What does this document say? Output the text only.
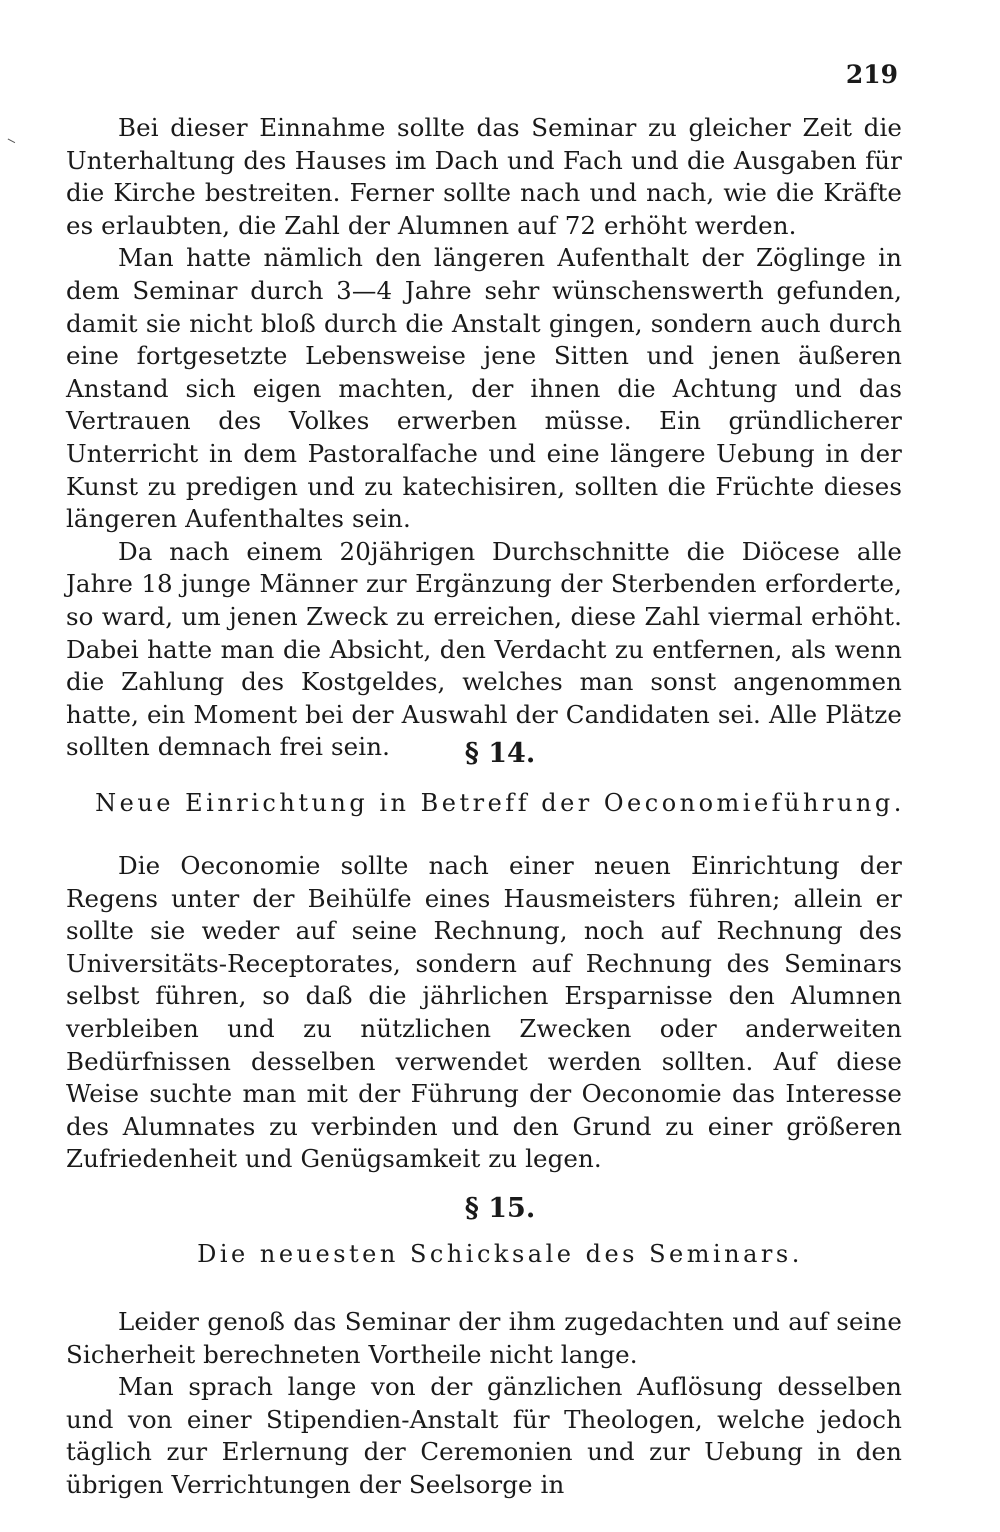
219

Bei dieser Einnahme sollte das Seminar zu gleicher Zeit die Unterhaltung des Hauses im Dach und Fach und die Ausgaben für die Kirche bestreiten. Ferner sollte nach und nach, wie die Kräfte es erlaubten, die Zahl der Alumnen auf 72 erhöht werden.

Man hatte nämlich den längeren Aufenthalt der Zöglinge in dem Seminar durch 3—4 Jahre sehr wünschenswerth gefunden, damit sie nicht bloß durch die Anstalt gingen, sondern auch durch eine fortgesetzte Lebensweise jene Sitten und jenen äußeren Anstand sich eigen machten, der ihnen die Achtung und das Vertrauen des Volkes erwerben müsse. Ein gründlicherer Unterricht in dem Pastoralfache und eine längere Uebung in der Kunst zu predigen und zu katechisiren, sollten die Früchte dieses längeren Aufenthaltes sein.

Da nach einem 20jährigen Durchschnitte die Diöcese alle Jahre 18 junge Männer zur Ergänzung der Sterbenden erforderte, so ward, um jenen Zweck zu erreichen, diese Zahl viermal erhöht. Dabei hatte man die Absicht, den Verdacht zu entfernen, als wenn die Zahlung des Kostgeldes, welches man sonst angenommen hatte, ein Moment bei der Auswahl der Candidaten sei. Alle Plätze sollten demnach frei sein.	§ 14.
Neue Einrichtung in Betreff der Oeconomieführung.

Die Oeconomie sollte nach einer neuen Einrichtung der Regens unter der Beihülfe eines Hausmeisters führen; allein er sollte sie weder auf seine Rechnung, noch auf Rechnung des Universitäts-Receptorates, sondern auf Rechnung des Seminars selbst führen, so daß die jährlichen Ersparnisse den Alumnen verbleiben und zu nützlichen Zwecken oder anderweiten Bedürfnissen desselben verwendet werden sollten. Auf diese Weise suchte man mit der Führung der Oeconomie das Interesse des Alumnates zu verbinden und den Grund zu einer größeren Zufriedenheit und Genügsamkeit zu legen.

§ 15.
Die neuesten Schicksale des Seminars.

Leider genoß das Seminar der ihm zugedachten und auf seine Sicherheit berechneten Vortheile nicht lange.

Man sprach lange von der gänzlichen Auflösung desselben und von einer Stipendien-Anstalt für Theologen, welche jedoch täglich zur Erlernung der Ceremonien und zur Uebung in den übrigen Verrichtungen der Seelsorge in
